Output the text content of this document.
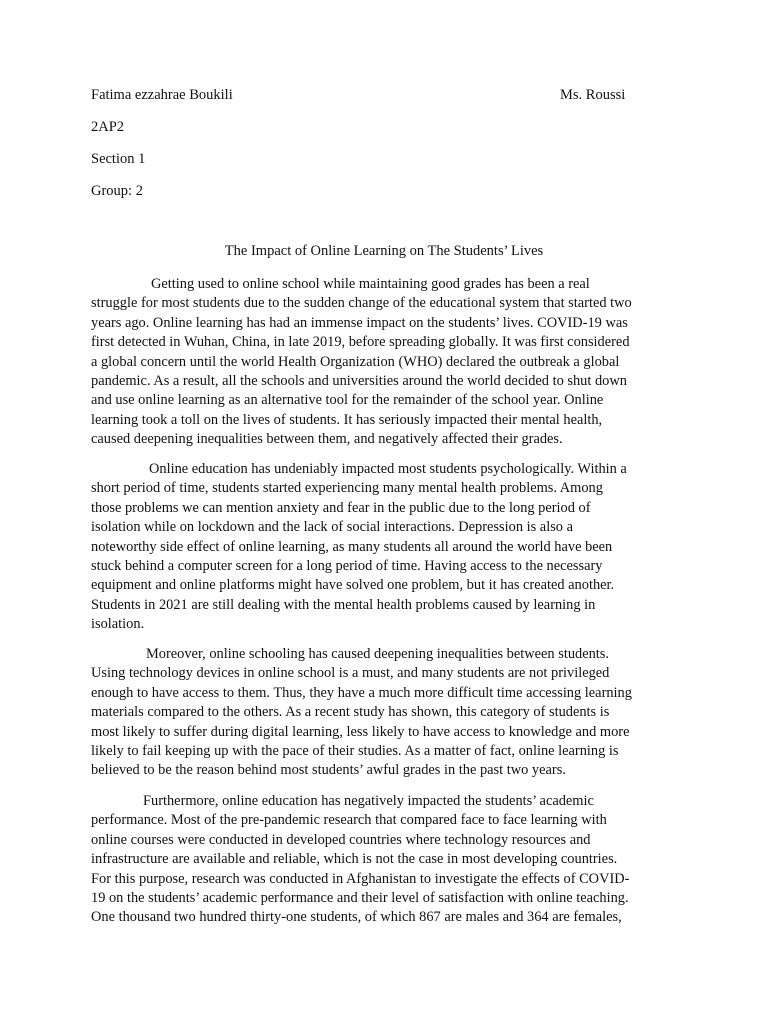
Fatima ezzahrae Boukili	Ms. Roussi
2AP2
Section 1
Group: 2
The Impact of Online Learning on The Students’ Lives
Getting used to online school while maintaining good grades has been a real
struggle for most students due to the sudden change of the educational system that started two
years ago. Online learning has had an immense impact on the students’ lives. COVID-19 was
first detected in Wuhan, China, in late 2019, before spreading globally. It was first considered
a global concern until the world Health Organization (WHO) declared the outbreak a global
pandemic. As a result, all the schools and universities around the world decided to shut down
and use online learning as an alternative tool for the remainder of the school year. Online
learning took a toll on the lives of students. It has seriously impacted their mental health,
caused deepening inequalities between them, and negatively affected their grades.
Online education has undeniably impacted most students psychologically. Within a
short period of time, students started experiencing many mental health problems. Among
those problems we can mention anxiety and fear in the public due to the long period of
isolation while on lockdown and the lack of social interactions. Depression is also a
noteworthy side effect of online learning, as many students all around the world have been
stuck behind a computer screen for a long period of time. Having access to the necessary
equipment and online platforms might have solved one problem, but it has created another.
Students in 2021 are still dealing with the mental health problems caused by learning in
isolation.
Moreover, online schooling has caused deepening inequalities between students.
Using technology devices in online school is a must, and many students are not privileged
enough to have access to them. Thus, they have a much more difficult time accessing learning
materials compared to the others. As a recent study has shown, this category of students is
most likely to suffer during digital learning, less likely to have access to knowledge and more
likely to fail keeping up with the pace of their studies. As a matter of fact, online learning is
believed to be the reason behind most students’ awful grades in the past two years.
Furthermore, online education has negatively impacted the students’ academic
performance. Most of the pre-pandemic research that compared face to face learning with
online courses were conducted in developed countries where technology resources and
infrastructure are available and reliable, which is not the case in most developing countries.
For this purpose, research was conducted in Afghanistan to investigate the effects of COVID-
19 on the students’ academic performance and their level of satisfaction with online teaching.
One thousand two hundred thirty-one students, of which 867 are males and 364 are females,
